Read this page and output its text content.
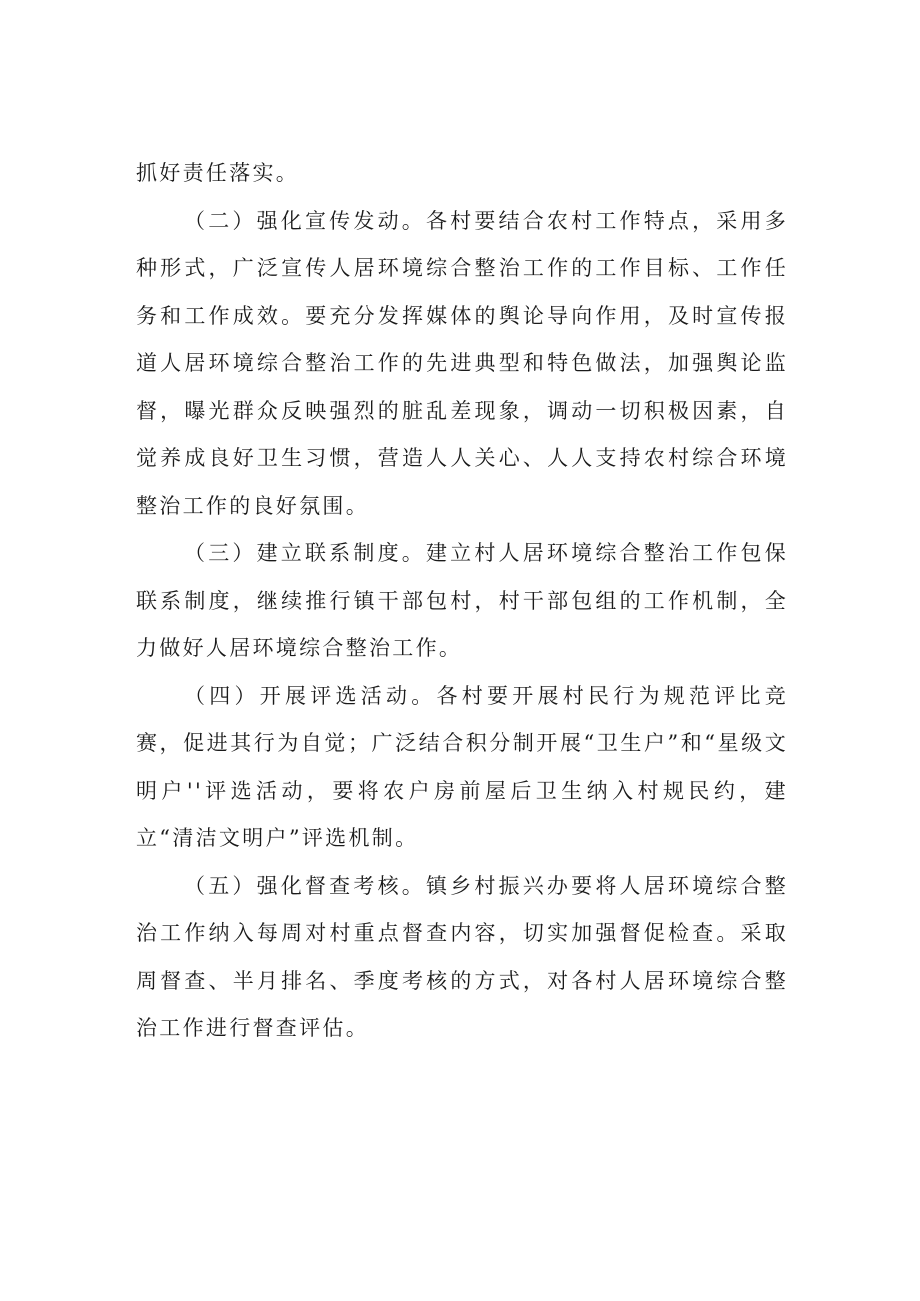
抓好责任落实。

（二）强化宣传发动。各村要结合农村工作特点，采用多种形式，广泛宣传人居环境综合整治工作的工作目标、工作任务和工作成效。要充分发挥媒体的舆论导向作用，及时宣传报道人居环境综合整治工作的先进典型和特色做法，加强舆论监督，曝光群众反映强烈的脏乱差现象，调动一切积极因素，自觉养成良好卫生习惯，营造人人关心、人人支持农村综合环境整治工作的良好氛围。

（三）建立联系制度。建立村人居环境综合整治工作包保联系制度，继续推行镇干部包村，村干部包组的工作机制，全力做好人居环境综合整治工作。

（四）开展评选活动。各村要开展村民行为规范评比竞赛，促进其行为自觉；广泛结合积分制开展“卫生户”和“星级文明户''评选活动，要将农户房前屋后卫生纳入村规民约，建立“清洁文明户”评选机制。

（五）强化督查考核。镇乡村振兴办要将人居环境综合整治工作纳入每周对村重点督查内容，切实加强督促检查。采取周督查、半月排名、季度考核的方式，对各村人居环境综合整治工作进行督查评估。
